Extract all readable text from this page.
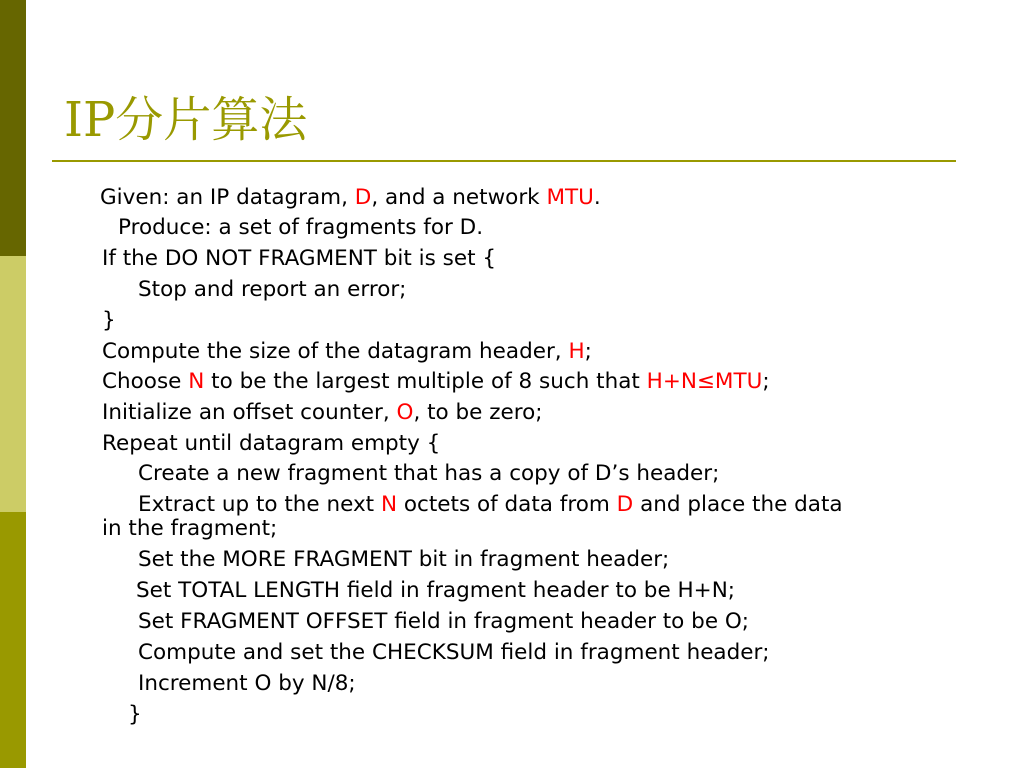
IP分片算法
Given: an IP datagram, D, and a network MTU.
Produce: a set of fragments for D.
If the DO NOT FRAGMENT bit is set {
Stop and report an error;
}
Compute the size of the datagram header, H;
Choose N to be the largest multiple of 8 such that H+N≤MTU;
Initialize an offset counter, O, to be zero;
Repeat until datagram empty {
Create a new fragment that has a copy of D’s header;
Extract up to the next N octets of data from D and place the data
in the fragment;
Set the MORE FRAGMENT bit in fragment header;
Set TOTAL LENGTH field in fragment header to be H+N;
Set FRAGMENT OFFSET field in fragment header to be O;
Compute and set the CHECKSUM field in fragment header;
Increment O by N/8;
}
